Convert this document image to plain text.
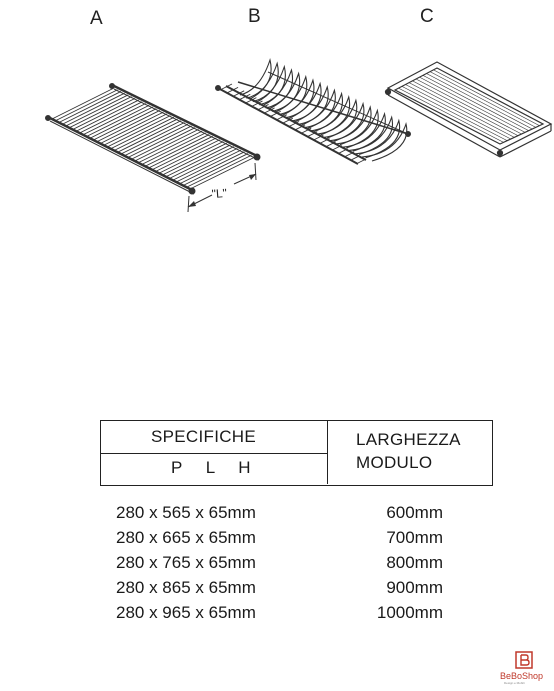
A	B	C
"L"
SPECIFICHE
P L H
LARGHEZZA
MODULO
280 x 565 x 65mm	600mm
280 x 665 x 65mm	700mm
280 x 765 x 65mm	800mm
280 x 865 x 65mm	900mm
280 x 965 x 65mm	1000mm
BeBoShop
Design e Mobili
